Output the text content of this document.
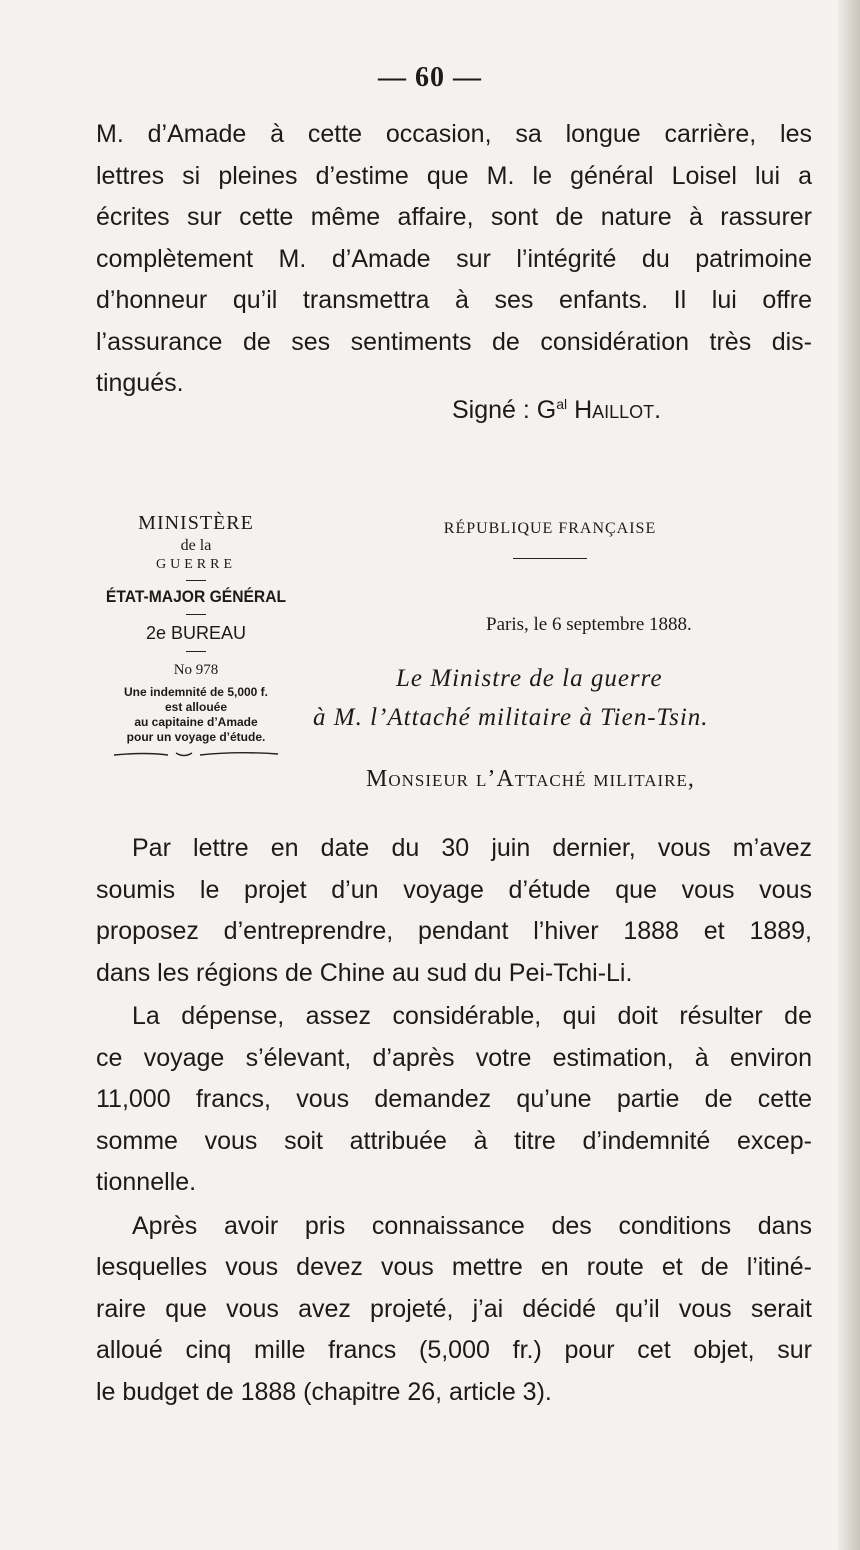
— 60 —
M. d’Amade à cette occasion, sa longue carrière, les
lettres si pleines d’estime que M. le général Loisel lui a
écrites sur cette même affaire, sont de nature à rassurer
complètement M. d’Amade sur l’intégrité du patrimoine
d’honneur qu’il transmettra à ses enfants. Il lui offre
l’assurance de ses sentiments de considération très dis-
tingués.
Signé : $G^{al}$ Haillot.
MINISTÈRE
de la
GUERRE
ÉTAT-MAJOR GÉNÉRAL
2e BUREAU
No 978
Une indemnité de 5,000 f.
est allouée
au capitaine d’Amade
pour un voyage d’étude.
RÉPUBLIQUE FRANÇAISE
Paris, le 6 septembre 1888.
Le Ministre de la guerre
à M. l’Attaché militaire à Tien-Tsin.
Monsieur l’Attaché militaire,
Par lettre en date du 30 juin dernier, vous m’avez
soumis le projet d’un voyage d’étude que vous vous
proposez d’entreprendre, pendant l’hiver 1888 et 1889,
dans les régions de Chine au sud du Pei-Tchi-Li.
La dépense, assez considérable, qui doit résulter de
ce voyage s’élevant, d’après votre estimation, à environ
11,000 francs, vous demandez qu’une partie de cette
somme vous soit attribuée à titre d’indemnité excep-
tionnelle.
Après avoir pris connaissance des conditions dans
lesquelles vous devez vous mettre en route et de l’itiné-
raire que vous avez projeté, j’ai décidé qu’il vous serait
alloué cinq mille francs (5,000 fr.) pour cet objet, sur
le budget de 1888 (chapitre 26, article 3).
